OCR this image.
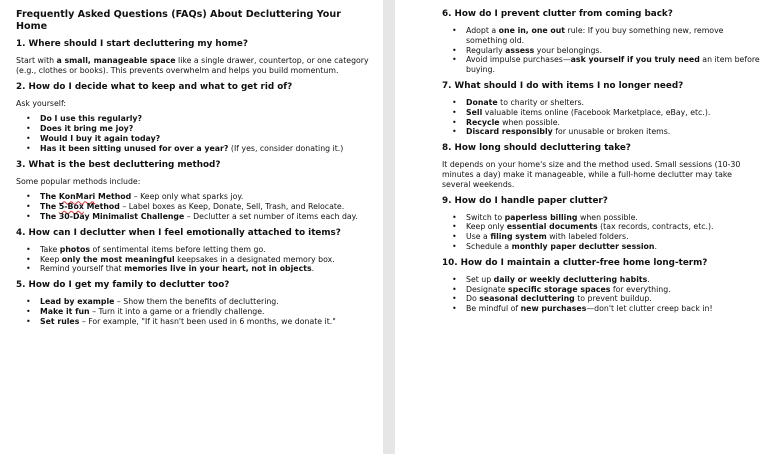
Frequently Asked Questions (FAQs) About Decluttering Your Home
1. Where should I start decluttering my home?
Start with a small, manageable space like a single drawer, countertop, or one category (e.g., clothes or books). This prevents overwhelm and helps you build momentum.
2. How do I decide what to keep and what to get rid of?
Ask yourself:
• Do I use this regularly?
• Does it bring me joy?
• Would I buy it again today?
• Has it been sitting unused for over a year? (If yes, consider donating it.)
3. What is the best decluttering method?
Some popular methods include:
• The KonMari Method – Keep only what sparks joy.
• The 5-Box Method – Label boxes as Keep, Donate, Sell, Trash, and Relocate.
• The 30-Day Minimalist Challenge – Declutter a set number of items each day.
4. How can I declutter when I feel emotionally attached to items?
• Take photos of sentimental items before letting them go.
• Keep only the most meaningful keepsakes in a designated memory box.
• Remind yourself that memories live in your heart, not in objects.
5. How do I get my family to declutter too?
• Lead by example – Show them the benefits of decluttering.
• Make it fun – Turn it into a game or a friendly challenge.
• Set rules – For example, "If it hasn't been used in 6 months, we donate it."
6. How do I prevent clutter from coming back?
• Adopt a one in, one out rule: If you buy something new, remove something old.
• Regularly assess your belongings.
• Avoid impulse purchases—ask yourself if you truly need an item before buying.
7. What should I do with items I no longer need?
• Donate to charity or shelters.
• Sell valuable items online (Facebook Marketplace, eBay, etc.).
• Recycle when possible.
• Discard responsibly for unusable or broken items.
8. How long should decluttering take?
It depends on your home's size and the method used. Small sessions (10-30 minutes a day) make it manageable, while a full-home declutter may take several weekends.
9. How do I handle paper clutter?
• Switch to paperless billing when possible.
• Keep only essential documents (tax records, contracts, etc.).
• Use a filing system with labeled folders.
• Schedule a monthly paper declutter session.
10. How do I maintain a clutter-free home long-term?
• Set up daily or weekly decluttering habits.
• Designate specific storage spaces for everything.
• Do seasonal decluttering to prevent buildup.
• Be mindful of new purchases—don't let clutter creep back in!
